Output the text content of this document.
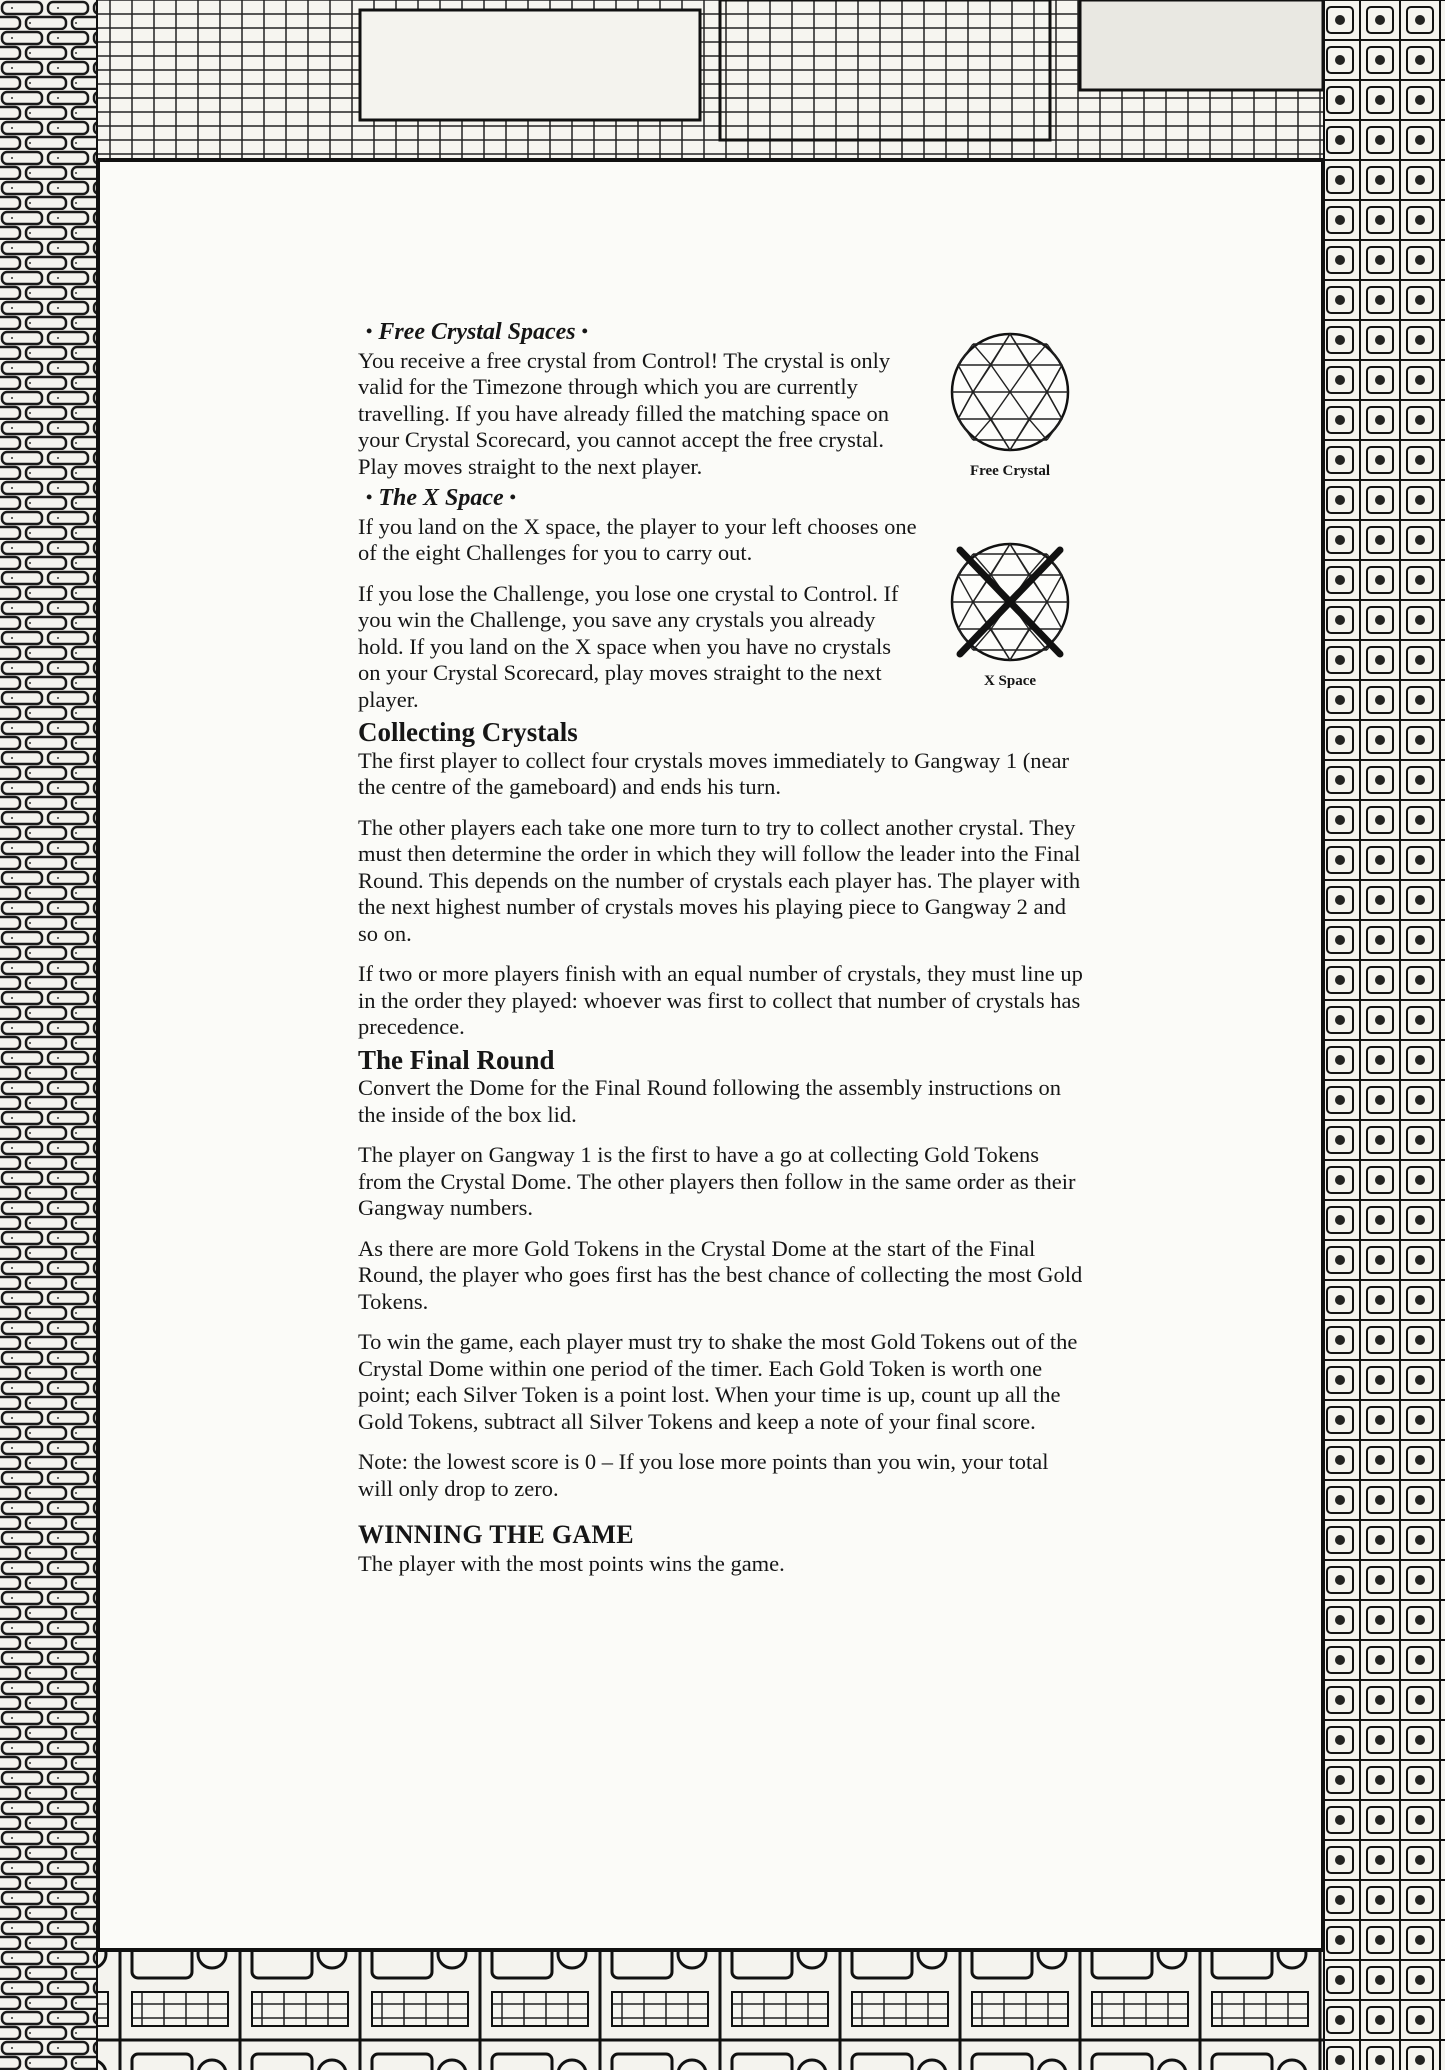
Free Crystal
X Space
• Free Crystal Spaces •

You receive a free crystal from Control! The crystal is only valid for the Timezone through which you are currently travelling. If you have already filled the matching space on your Crystal Scorecard, you cannot accept the free crystal. Play moves straight to the next player.

• The X Space •

If you land on the X space, the player to your left chooses one of the eight Challenges for you to carry out.

If you lose the Challenge, you lose one crystal to Control. If you win the Challenge, you save any crystals you already hold. If you land on the X space when you have no crystals on your Crystal Scorecard, play moves straight to the next player.

Collecting Crystals

The first player to collect four crystals moves immediately to Gangway 1 (near the centre of the gameboard) and ends his turn.

The other players each take one more turn to try to collect another crystal. They must then determine the order in which they will follow the leader into the Final Round. This depends on the number of crystals each player has. The player with the next highest number of crystals moves his playing piece to Gangway 2 and so on.

If two or more players finish with an equal number of crystals, they must line up in the order they played: whoever was first to collect that number of crystals has precedence.

The Final Round

Convert the Dome for the Final Round following the assembly instructions on the inside of the box lid.

The player on Gangway 1 is the first to have a go at collecting Gold Tokens from the Crystal Dome. The other players then follow in the same order as their Gangway numbers.

As there are more Gold Tokens in the Crystal Dome at the start of the Final Round, the player who goes first has the best chance of collecting the most Gold Tokens.

To win the game, each player must try to shake the most Gold Tokens out of the Crystal Dome within one period of the timer. Each Gold Token is worth one point; each Silver Token is a point lost. When your time is up, count up all the Gold Tokens, subtract all Silver Tokens and keep a note of your final score.

Note: the lowest score is 0 – If you lose more points than you win, your total will only drop to zero.

WINNING THE GAME

The player with the most points wins the game.
